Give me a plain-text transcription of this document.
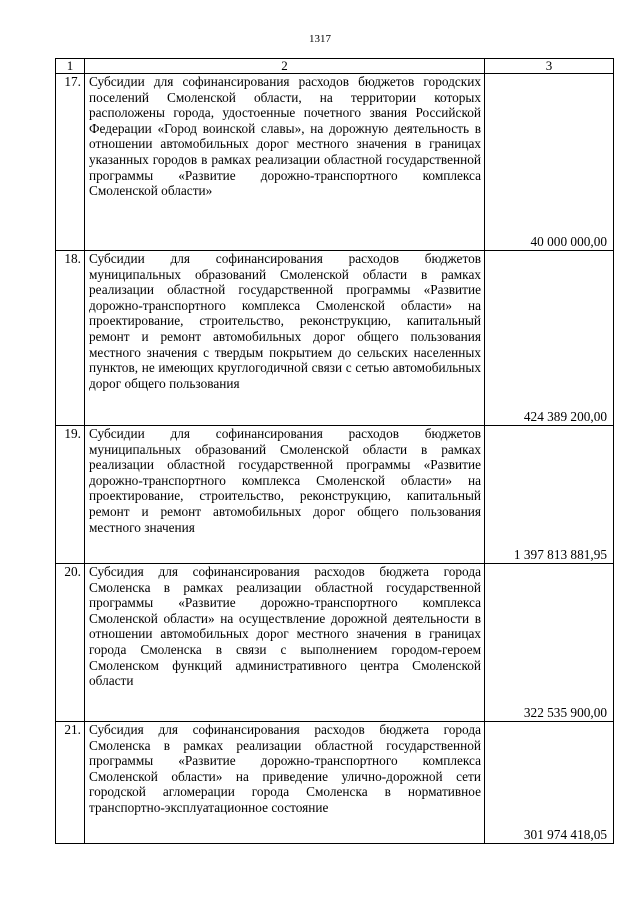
1317
1	2	3
17.	Субсидии для софинансирования расходов бюджетов городских поселений Смоленской области, на территории которых расположены города, удостоенные почетного звания Российской Федерации «Город воинской славы», на дорожную деятельность в отношении автомобильных дорог местного значения в границах указанных городов в рамках реализации областной государственной программы «Развитие дорожно-транспортного комплекса Смоленской области»	40 000 000,00
18.	Субсидии для софинансирования расходов бюджетов муниципальных образований Смоленской области в рамках реализации областной государственной программы «Развитие дорожно-транспортного комплекса Смоленской области» на проектирование, строительство, реконструкцию, капитальный ремонт и ремонт автомобильных дорог общего пользования местного значения с твердым покрытием до сельских населенных пунктов, не имеющих круглогодичной связи с сетью автомобильных дорог общего пользования	424 389 200,00
19.	Субсидии для софинансирования расходов бюджетов муниципальных образований Смоленской области в рамках реализации областной государственной программы «Развитие дорожно-транспортного комплекса Смоленской области» на проектирование, строительство, реконструкцию, капитальный ремонт и ремонт автомобильных дорог общего пользования местного значения	1 397 813 881,95
20.	Субсидия для софинансирования расходов бюджета города Смоленска в рамках реализации областной государственной программы «Развитие дорожно-транспортного комплекса Смоленской области» на осуществление дорожной деятельности в отношении автомобильных дорог местного значения в границах города Смоленска в связи с выполнением городом-героем Смоленском функций административного центра Смоленской области	322 535 900,00
21.	Субсидия для софинансирования расходов бюджета города Смоленска в рамках реализации областной государственной программы «Развитие дорожно-транспортного комплекса Смоленской области» на приведение улично-дорожной сети городской агломерации города Смоленска в нормативное транспортно-эксплуатационное состояние	301 974 418,05
